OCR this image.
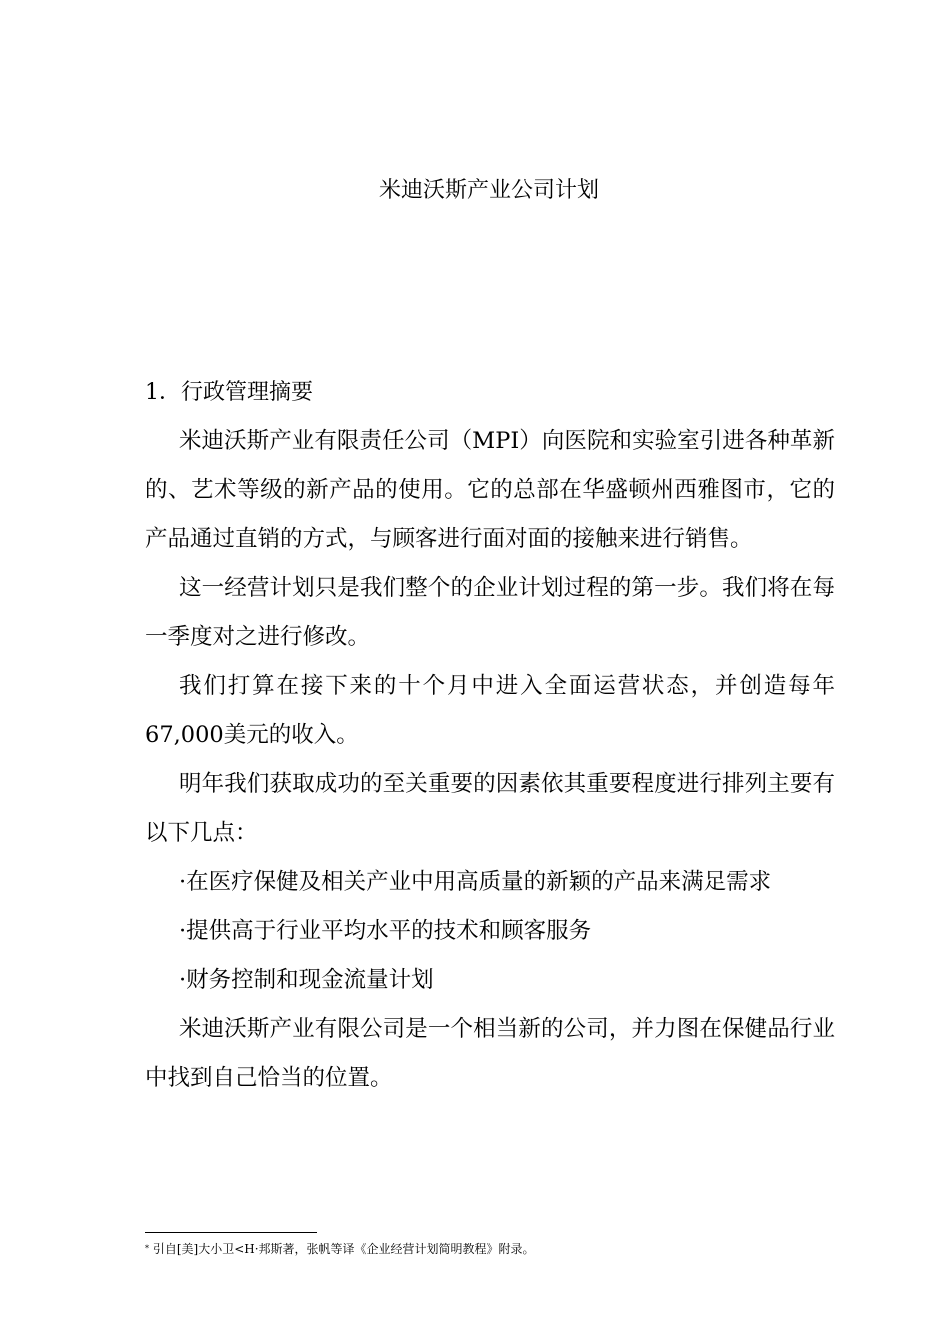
米迪沃斯产业公司计划

1．行政管理摘要

米迪沃斯产业有限责任公司（MPI）向医院和实验室引进各种革新的、艺术等级的新产品的使用。它的总部在华盛顿州西雅图市，它的产品通过直销的方式，与顾客进行面对面的接触来进行销售。

这一经营计划只是我们整个的企业计划过程的第一步。我们将在每一季度对之进行修改。

我们打算在接下来的十个月中进入全面运营状态，并创造每年67,000美元的收入。

明年我们获取成功的至关重要的因素依其重要程度进行排列主要有以下几点：

·在医疗保健及相关产业中用高质量的新颖的产品来满足需求

·提供高于行业平均水平的技术和顾客服务

·财务控制和现金流量计划

米迪沃斯产业有限公司是一个相当新的公司，并力图在保健品行业中找到自己恰当的位置。

* 引自[美]大小卫<H·邦斯著，张帆等译《企业经营计划简明教程》附录。
